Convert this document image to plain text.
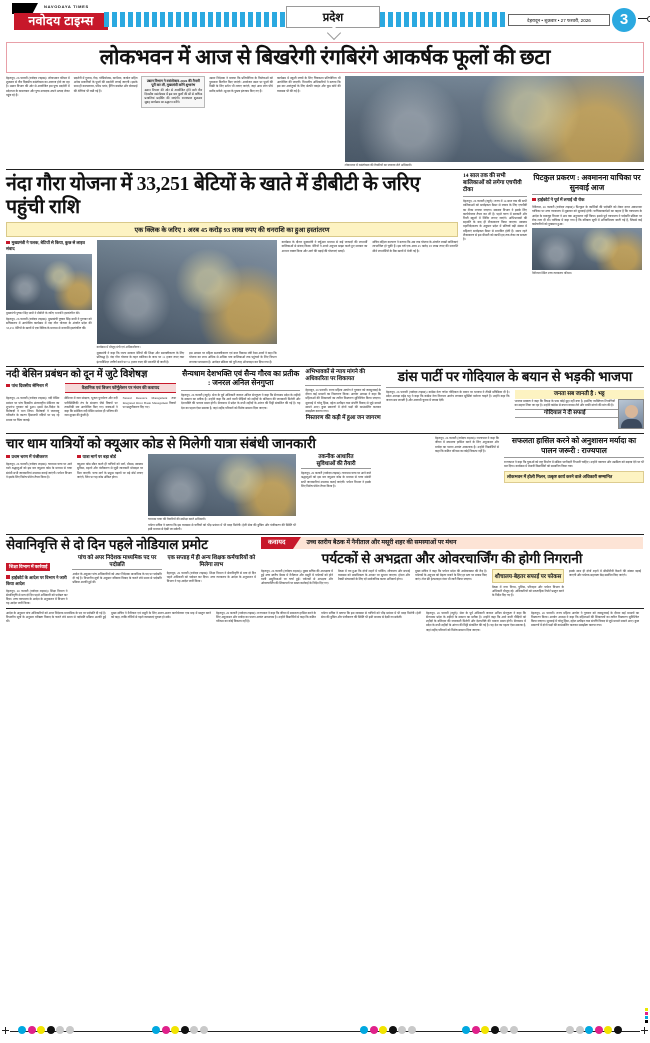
NAVODAYA TIMES
नवोदय टाइम्स	प्रदेश	देहरादून • शुक्रवार • 27 फरवरी, 2026	3
लोकभवन में आज से बिखरेगी रंगबिरंगे आकर्षक फूलों की छटा
देहरादून, 26 फरवरी (नवोदय टाइम्स)। लोकभवन परिसर में शुक्रवार से तीन दिवसीय वसंतोत्सव का आगाज होने जा रहा है। उद्यान विभाग की ओर से आयोजित इस पुष्प प्रदर्शनी में प्रदेशभर के काश्तकार और पुष्प उत्पादक अपने उत्पाद लेकर पहुंच रहे हैं।
प्रदर्शनी में गुलाब, गेंदा, ग्लेडियोलस, कार्नेशन, जरबेरा सहित अनेक प्रजातियों के फूलों की प्रदर्शनी लगाई जाएगी। इसके साथ ही कटफ्लावर, पॉटेड प्लांट, हैंगिंग बास्केट और बोनसाई की श्रेणियां भी रखी गई हैं।
उद्यान विभाग ने वसंतोत्सव-2026 की तैयारी पूरी कर ली, मुख्यमंत्री करेंगे शुभारंभ
उद्यान विभाग की ओर से आयोजित होने वाले तीन दिवसीय वसंतोत्सव में इस बार फूलों की सौ से अधिक प्रजातियां प्रदर्शित की जाएंगी। राज्यपाल शुक्रवार सुबह कार्यक्रम का उद्घाटन करेंगे।
उद्यान निदेशक ने बताया कि प्रतियोगिता के विजेताओं को पुरस्कार वितरित किए जाएंगे। आयोजन स्थल पर फूलों की बिक्री के लिए स्टॉल भी लगाए जाएंगे, जहां आम लोग पौधे खरीद सकेंगे। सुरक्षा के पुख्ता इंतजाम किए गए हैं।
कार्यक्रम में स्कूली बच्चों के लिए चित्रकला प्रतियोगिता भी आयोजित की जाएगी। विभागीय अधिकारियों ने बताया कि इस बार आगंतुकों के लिए सेल्फी प्वाइंट और फूड कोर्ट की व्यवस्था भी की गई है।
लोकभवन में वसंतोत्सव की तैयारियों का जायजा लेते अधिकारी।
नंदा गौरा योजना में 33,251 बेटियों के खाते में डीबीटी के जरिए पहुंची राशि
एक क्लिक के जरिए 1 अरब 45 करोड़ 93 लाख रुपए की धनराशि का हुआ हस्तांतरण
मुख्यमंत्री ने पलक, बेटियों से किया, कुछ से लाइव संवाद
मुख्यमंत्री पुष्कर सिंह धामी ने डीबीटी के जरिए धनराशि हस्तांतरित की।
देहरादून, 26 फरवरी (नवोदय टाइम्स)। मुख्यमंत्री पुष्कर सिंह धामी ने गुरुवार को सचिवालय में आयोजित कार्यक्रम में नंदा गौरा योजना के अंतर्गत प्रदेश की 33,251 बेटियों के खातों में एक क्लिक के माध्यम से धनराशि हस्तांतरित की।
कार्यक्रम में मौजूद मंत्री एवं अधिकारीगण।
मुख्यमंत्री ने कहा कि राज्य सरकार बेटियों की शिक्षा और सशक्तीकरण के लिए प्रतिबद्ध है। नंदा गौरा योजना के तहत बालिका के जन्म पर 11 हजार रुपए तथा इंटरमीडिएट उत्तीर्ण करने पर 51 हजार रुपए की धनराशि दी जाती है।
इस अवसर पर महिला सशक्तीकरण एवं बाल विकास मंत्री रेखा आर्या ने कहा कि योजना का लाभ अधिक से अधिक पात्र बालिकाओं तक पहुंचाने के लिए विभाग लगातार प्रयासरत है। आवेदन प्रक्रिया को पूरी तरह ऑनलाइन कर दिया गया है।
कार्यक्रम के दौरान मुख्यमंत्री ने वर्चुअल माध्यम से कई जनपदों की लाभार्थी बालिकाओं से संवाद किया। बेटियों ने अपने अनुभव साझा करते हुए सरकार का आभार व्यक्त किया और आगे की पढ़ाई की योजनाएं बताईं।
सचिव महिला कल्याण ने बताया कि अब तक योजना के अंतर्गत लाखों बालिकाएं लाभान्वित हो चुकी हैं। इस वर्ष एक अरब 45 करोड़ 93 लाख रुपए की धनराशि सीधे लाभार्थियों के बैंक खातों में भेजी गई है।
14 साल तक की सभी बालिकाओं को लगेगा एचपीवी टीका
देहरादून, 26 फरवरी (ब्यूरो)। राज्य में 14 साल तक की सभी बालिकाओं को सर्वाइकल कैंसर से बचाव के लिए एचपीवी का टीका लगाया जाएगा। स्वास्थ्य विभाग ने इसके लिए कार्ययोजना तैयार कर ली है। पहले चरण में सरकारी और निजी स्कूलों में शिविर लगाए जाएंगे। अभिभावकों की सहमति के बाद ही टीकाकरण किया जाएगा। स्वास्थ्य महानिदेशालय के अनुसार प्रदेश में प्रतिवर्ष बड़ी संख्या में महिलाएं सर्वाइकल कैंसर से प्रभावित होती हैं। समय रहते टीकाकरण से इस बीमारी को काफी हद तक रोका जा सकता है।
पिटकुल प्रकरण : अवमानना याचिका पर सुनवाई आज
हाईकोर्ट ने पूर्व में लगाई थी रोक
नैनीताल, 26 फरवरी (नवोदय टाइम्स)। पिटकुल के कार्मिकों की पदोन्नति को लेकर दायर अवमानना याचिका पर उच्च न्यायालय में शुक्रवार को सुनवाई होगी। याचिकाकर्ताओं का कहना है कि न्यायालय के आदेश के बावजूद विभाग ने अब तक अनुपालन नहीं किया। इससे पूर्व न्यायालय ने पदोन्नति प्रक्रिया पर रोक लगा दी थी। याचिका में कहा गया है कि वरिष्ठता सूची में अनियमितता बरती गई है, जिससे कई कर्मचारियों को नुकसान हुआ।
नैनीताल स्थित उच्च न्यायालय परिसर।
नदी बेसिन प्रबंधन को दून में जुटे विशेषज्ञ
पांच दिवसीय सेमिनार में	वैज्ञानिक एवं विजन फॉर्मूलेशन पर मंथन की कवायद
देहरादून, 26 फरवरी (नवोदय टाइम्स)। नदी बेसिन प्रबंधन पर पांच दिवसीय अंतरराष्ट्रीय सेमिनार का शुभारंभ गुरुवार को हुआ। इसमें देश-विदेश के विशेषज्ञों ने भाग लिया। विशेषज्ञों ने जलवायु परिवर्तन के कारण हिमालयी नदियों पर पड़ रहे प्रभाव पर चिंता जताई।
सेमिनार में जल संरक्षण, भूजल पुनर्भरण और नदी पारिस्थितिकी तंत्र के संरक्षण जैसे विषयों पर तकनीकी सत्र आयोजित किए गए। वक्ताओं ने कहा कि समेकित नदी बेसिन प्रबंधन ही भविष्य की जल सुरक्षा की कुंजी है।
Natural Resource Management तथा Integrated River Basin Management विषयों पर प्रस्तुतीकरण दिए गए।
सैन्यधाम देशभक्ति एवं सैन्य गौरव का प्रतीक : जनरल अनिल सेनगुप्ता
देहरादून, 26 फरवरी (ब्यूरो)। सेना के पूर्व अधिकारी जनरल अनिल सेनगुप्ता ने कहा कि सैन्यधाम प्रदेश के शहीदों के सम्मान का प्रतीक है। उन्होंने कहा कि आने वाली पीढ़ियों को शहीदों के बलिदान की जानकारी मिलेगी और देशभक्ति की भावना प्रबल होगी। सैन्यधाम में प्रदेश के सभी शहीदों के आंगन की मिट्टी संकलित की गई है। यह देश का पहला ऐसा स्मारक है, जहां शहीद परिवारों को विशेष सम्मान दिया जाएगा।
अभिभावकों से न्याय मांगने की अधिकारिता पर शिकायत
देहरादून, 26 फरवरी। राज्य महिला आयोग ने गुरुवार को जनसुनवाई के दौरान कई मामलों का निस्तारण किया। आयोग अध्यक्ष ने कहा कि महिलाओं की शिकायतों का त्वरित निस्तारण सुनिश्चित किया जाएगा। सुनवाई में घरेलू हिंसा, दहेज उत्पीड़न तथा संपत्ति विवाद से जुड़े मामले सामने आए। कुछ प्रकरणों में दोनों पक्षों की काउंसलिंग कराकर समझौता कराया गया।
निस्तारण की कड़ी में हुआ जन जागरण
डांस पार्टी पर गोदियाल के बयान से भड़की भाजपा
देहरादून, 26 फरवरी (नवोदय टाइम्स)। कांग्रेस नेता गणेश गोदियाल के बयान पर भाजपा ने तीखी प्रतिक्रिया दी है। प्रदेश अध्यक्ष महेंद्र भट्ट ने कहा कि कांग्रेस नेता निराधार आरोप लगाकर सुर्खियां बटोरना चाहते हैं। उन्होंने कहा कि जनता सब जानती है और आगामी चुनाव में जवाब देगी।
जनता सब जानती है : भट्ट
भाजपा प्रवक्ता ने कहा कि विपक्ष के पास कोई मुद्दा नहीं बचा है, इसलिए व्यक्तिगत टिप्पणियों का सहारा लिया जा रहा है। उन्होंने कांग्रेस से बयान वापस लेने और माफी मांगने की मांग की है।
गोदियाल ने दी सफाई
चार धाम यात्रियों को क्यूआर कोड से मिलेगी यात्रा संबंधी जानकारी
प्रथम चरण में पंजीकरण
देहरादून, 26 फरवरी (नवोदय टाइम्स)। चारधाम यात्रा पर आने वाले श्रद्धालुओं को इस बार क्यूआर कोड के माध्यम से यात्रा संबंधी सभी जानकारियां उपलब्ध कराई जाएंगी। पर्यटन विभाग ने इसके लिए विशेष पोर्टल तैयार किया है।
यात्रा मार्ग पर बड़ा बोर्ड
क्यूआर कोड स्कैन करते ही यात्रियों को मार्ग, मौसम, स्वास्थ्य सुविधा, ठहरने और पंजीकरण से जुड़ी जानकारी मोबाइल पर मिल जाएगी। यात्रा मार्ग के प्रमुख पड़ावों पर बड़े बोर्ड लगाए जाएंगे, जिन पर यह कोड अंकित होगा।
चारधाम यात्रा की तैयारियों की समीक्षा करते अधिकारी।
पर्यटन सचिव ने बताया कि इस व्यवस्था से यात्रियों को भीड़ प्रबंधन में भी मदद मिलेगी। हेली सेवा की बुकिंग और पंजीकरण की स्थिति भी इसी माध्यम से देखी जा सकेगी।
तकनीक आधारित
सुविधाओं की तैयारी
देहरादून, 26 फरवरी (नवोदय टाइम्स)। चारधाम यात्रा पर आने वाले श्रद्धालुओं को इस बार क्यूआर कोड के माध्यम से यात्रा संबंधी सभी जानकारियां उपलब्ध कराई जाएंगी। पर्यटन विभाग ने इसके लिए विशेष पोर्टल तैयार किया है।
देहरादून, 26 फरवरी (नवोदय टाइम्स)। राज्यपाल ने कहा कि जीवन में सफलता हासिल करने के लिए अनुशासन और मर्यादा का पालन अत्यंत आवश्यक है। उन्होंने विद्यार्थियों से कहा कि कठिन परिश्रम का कोई विकल्प नहीं है।
सफलता हासिल करने को अनुशासन मर्यादा का पालन जरूरी : राज्यपाल
राज्यपाल ने कहा कि युवाओं को राष्ट्र निर्माण में सक्रिय भागीदारी निभानी चाहिए। उन्होंने नवाचार और उद्यमिता को बढ़ावा देने पर भी बल दिया। कार्यक्रम में मेधावी विद्यार्थियों को सम्मानित किया गया।
लोकभवन में होली मिलन, उत्कृष्ट कार्य करने वाले अधिकारी सम्मानित
सेवानिवृत्ति से दो दिन पहले नोडियाल प्रमोट
शिक्षा विभाग में कार्रवाई
हाईकोर्ट के आदेश पर विभाग ने जारी किया आदेश
देहरादून, 26 फरवरी (नवोदय टाइम्स)। शिक्षा विभाग ने सेवानिवृत्ति से मात्र दो दिन पहले अधिकारी को पदोन्नत कर दिया। उच्च न्यायालय के आदेश के अनुपालन में विभाग ने यह आदेश जारी किया।
पांच को अपर निदेशक माध्यमिक पद पर पदोन्नति
आदेश के अनुसार पांच अधिकारियों को अपर निदेशक माध्यमिक के पद पर पदोन्नति दी गई है। विभागीय सूत्रों के अनुसार वरिष्ठता विवाद के चलते लंबे समय से पदोन्नति प्रक्रिया अटकी हुई थी।
एक सप्ताह में ही अन्य शिक्षक कर्मचारियों को मिलेगा लाभ
देहरादून, 26 फरवरी (नवोदय टाइम्स)। शिक्षा विभाग ने सेवानिवृत्ति से मात्र दो दिन पहले अधिकारी को पदोन्नत कर दिया। उच्च न्यायालय के आदेश के अनुपालन में विभाग ने यह आदेश जारी किया।
कवायद	उच्च स्तरीय बैठक में नैनीताल और मसूरी शहर की समस्याओं पर मंथन
पर्यटकों से अभद्रता और ओवरचार्जिंग की होगी निगरानी
देहरादून, 26 फरवरी (नवोदय टाइम्स)। मुख्य सचिव की अध्यक्षता में हुई उच्च स्तरीय बैठक में नैनीताल और मसूरी में पर्यटकों को होने वाली असुविधाओं पर चर्चा हुई। पर्यटकों से अभद्रता और ओवरचार्जिंग की शिकायतों पर सख्त कार्रवाई के निर्देश दिए गए।
बैठक में तय हुआ कि दोनों शहरों में पार्किंग, शौचालय और सफाई व्यवस्था को प्राथमिकता के आधार पर सुधारा जाएगा। होटल और टैक्सी संचालकों के लिए दरें सार्वजनिक करना अनिवार्य होगा।
मुख्य सचिव ने कहा कि पर्यटन प्रदेश की अर्थव्यवस्था की रीढ़ है। पर्यटकों के अनुभव को बेहतर बनाने के लिए हर स्तर पर प्रयास किए जाएं। टोल फ्री हेल्पलाइन नंबर भी जारी किया जाएगा।	शौचालय-बेहतर सफाई पर फोकस
बैठक में नगर निगम, पुलिस, परिवहन और पर्यटन विभाग के अधिकारी मौजूद रहे। अधिकारियों को साप्ताहिक रिपोर्ट प्रस्तुत करने के निर्देश दिए गए हैं।
इसके साथ ही दोनों शहरों में सीसीटीवी कैमरों की संख्या बढ़ाई जाएगी और पर्यटक सहायता केंद्र स्थापित किए जाएंगे।
आदेश के अनुसार पांच अधिकारियों को अपर निदेशक माध्यमिक के पद पर पदोन्नति दी गई है। विभागीय सूत्रों के अनुसार वरिष्ठता विवाद के चलते लंबे समय से पदोन्नति प्रक्रिया अटकी हुई थी।
मुख्य सचिव ने नैनीताल एवं मसूरी के लिए अलग-अलग कार्ययोजना एक माह में प्रस्तुत करने को कहा, ताकि गर्मियों से पहले व्यवस्थाएं दुरुस्त हो सकें।
देहरादून, 26 फरवरी (नवोदय टाइम्स)। राज्यपाल ने कहा कि जीवन में सफलता हासिल करने के लिए अनुशासन और मर्यादा का पालन अत्यंत आवश्यक है। उन्होंने विद्यार्थियों से कहा कि कठिन परिश्रम का कोई विकल्प नहीं है।
पर्यटन सचिव ने बताया कि इस व्यवस्था से यात्रियों को भीड़ प्रबंधन में भी मदद मिलेगी। हेली सेवा की बुकिंग और पंजीकरण की स्थिति भी इसी माध्यम से देखी जा सकेगी।
देहरादून, 26 फरवरी (ब्यूरो)। सेना के पूर्व अधिकारी जनरल अनिल सेनगुप्ता ने कहा कि सैन्यधाम प्रदेश के शहीदों के सम्मान का प्रतीक है। उन्होंने कहा कि आने वाली पीढ़ियों को शहीदों के बलिदान की जानकारी मिलेगी और देशभक्ति की भावना प्रबल होगी। सैन्यधाम में प्रदेश के सभी शहीदों के आंगन की मिट्टी संकलित की गई है। यह देश का पहला ऐसा स्मारक है, जहां शहीद परिवारों को विशेष सम्मान दिया जाएगा।
देहरादून, 26 फरवरी। राज्य महिला आयोग ने गुरुवार को जनसुनवाई के दौरान कई मामलों का निस्तारण किया। आयोग अध्यक्ष ने कहा कि महिलाओं की शिकायतों का त्वरित निस्तारण सुनिश्चित किया जाएगा। सुनवाई में घरेलू हिंसा, दहेज उत्पीड़न तथा संपत्ति विवाद से जुड़े मामले सामने आए। कुछ प्रकरणों में दोनों पक्षों की काउंसलिंग कराकर समझौता कराया गया।
